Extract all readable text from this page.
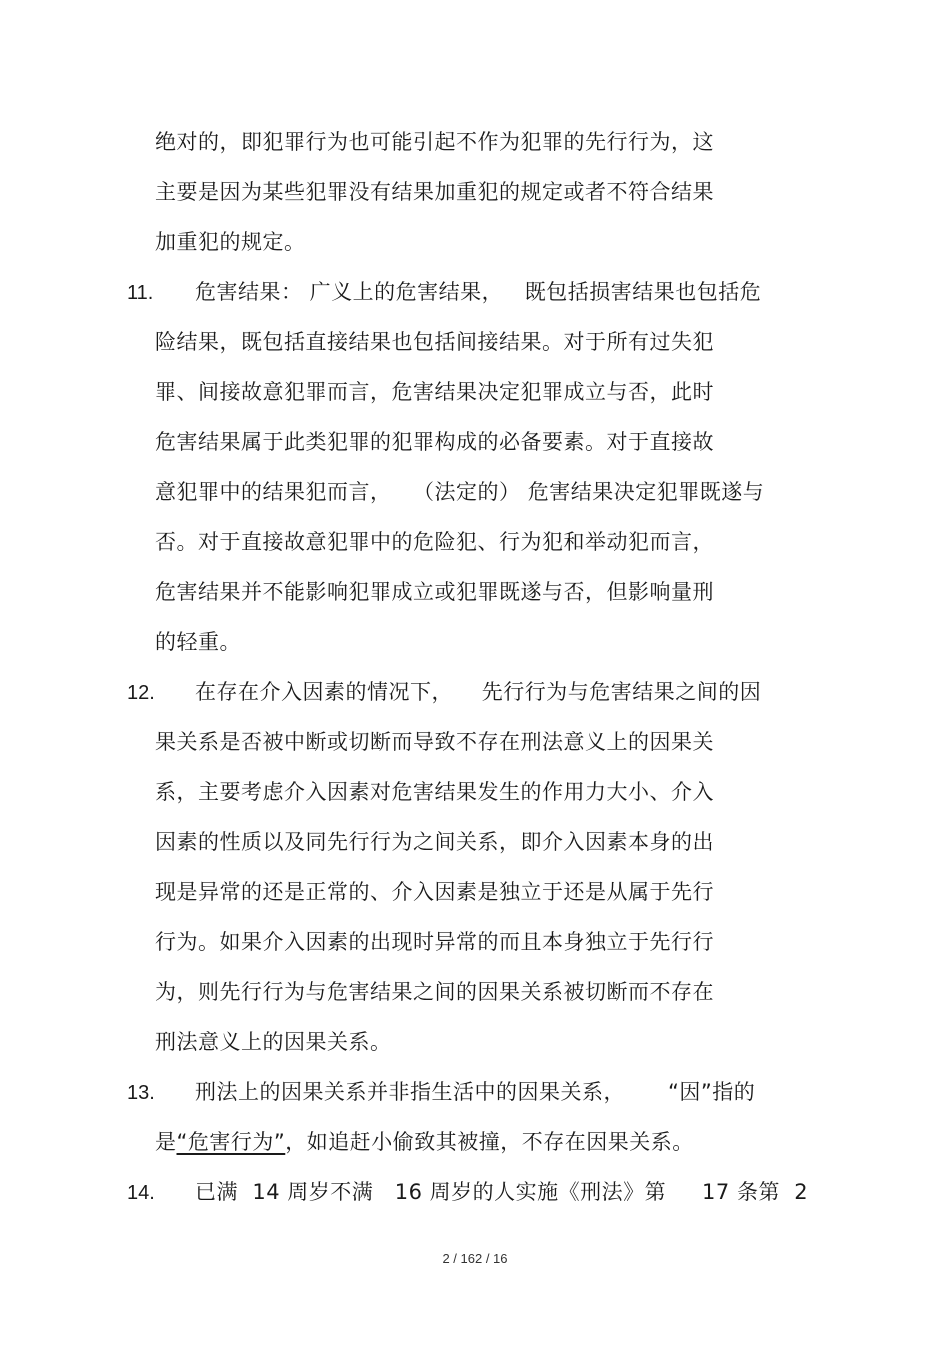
绝对的，即犯罪行为也可能引起不作为犯罪的先行行为，这
主要是因为某些犯罪没有结果加重犯的规定或者不符合结果
加重犯的规定。
11. 危害结果： 广义上的危害结果，   既包括损害结果也包括危
险结果，既包括直接结果也包括间接结果。对于所有过失犯
罪、间接故意犯罪而言，危害结果决定犯罪成立与否，此时
危害结果属于此类犯罪的犯罪构成的必备要素。对于直接故
意犯罪中的结果犯而言，   （法定的） 危害结果决定犯罪既遂与
否。对于直接故意犯罪中的危险犯、行为犯和举动犯而言，
危害结果并不能影响犯罪成立或犯罪既遂与否，但影响量刑
的轻重。
12. 在存在介入因素的情况下，    先行行为与危害结果之间的因
果关系是否被中断或切断而导致不存在刑法意义上的因果关
系，主要考虑介入因素对危害结果发生的作用力大小、介入
因素的性质以及同先行行为之间关系，即介入因素本身的出
现是异常的还是正常的、介入因素是独立于还是从属于先行
行为。如果介入因素的出现时异常的而且本身独立于先行行
为，则先行行为与危害结果之间的因果关系被切断而不存在
刑法意义上的因果关系。
13. 刑法上的因果关系并非指生活中的因果关系，      “因”指的
是“危害行为”，如追赶小偷致其被撞，不存在因果关系。
14. 已满  14 周岁不满   16 周岁的人实施《刑法》第     17 条第  2
2 / 162 / 16
